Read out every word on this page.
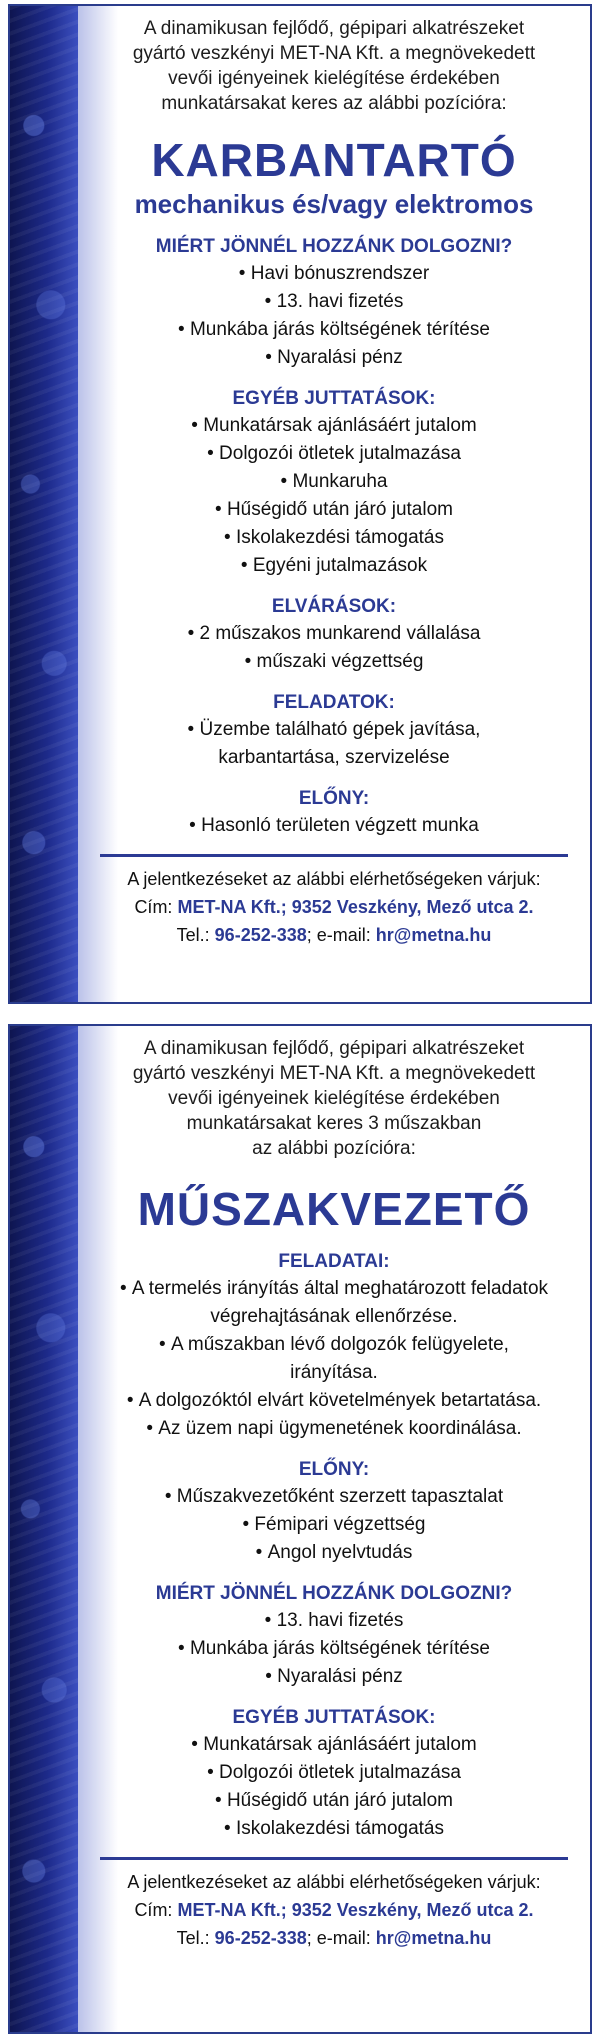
A dinamikusan fejlődő, gépipari alkatrészeket
gyártó veszkényi MET-NA Kft. a megnövekedett
vevői igényeinek kielégítése érdekében
munkatársakat keres az alábbi pozícióra:
KARBANTARTÓ
mechanikus és/vagy elektromos
MIÉRT JÖNNÉL HOZZÁNK DOLGOZNI?
• Havi bónuszrendszer
• 13. havi fizetés
• Munkába járás költségének térítése
• Nyaralási pénz
EGYÉB JUTTATÁSOK:
• Munkatársak ajánlásáért jutalom
• Dolgozói ötletek jutalmazása
• Munkaruha
• Hűségidő után járó jutalom
• Iskolakezdési támogatás
• Egyéni jutalmazások
ELVÁRÁSOK:
• 2 műszakos munkarend vállalása
• műszaki végzettség
FELADATOK:
• Üzembe található gépek javítása,
karbantartása, szervizelése
ELŐNY:
• Hasonló területen végzett munka
A jelentkezéseket az alábbi elérhetőségeken várjuk:
Cím: MET-NA Kft.; 9352 Veszkény, Mező utca 2.
Tel.: 96-252-338; e-mail: hr@metna.hu
A dinamikusan fejlődő, gépipari alkatrészeket
gyártó veszkényi MET-NA Kft. a megnövekedett
vevői igényeinek kielégítése érdekében
munkatársakat keres 3 műszakban
az alábbi pozícióra:
MŰSZAKVEZETŐ
FELADATAI:
• A termelés irányítás által meghatározott feladatok
végrehajtásának ellenőrzése.
• A műszakban lévő dolgozók felügyelete,
irányítása.
• A dolgozóktól elvárt követelmények betartatása.
• Az üzem napi ügymenetének koordinálása.
ELŐNY:
• Műszakvezetőként szerzett tapasztalat
• Fémipari végzettség
• Angol nyelvtudás
MIÉRT JÖNNÉL HOZZÁNK DOLGOZNI?
• 13. havi fizetés
• Munkába járás költségének térítése
• Nyaralási pénz
EGYÉB JUTTATÁSOK:
• Munkatársak ajánlásáért jutalom
• Dolgozói ötletek jutalmazása
• Hűségidő után járó jutalom
• Iskolakezdési támogatás
A jelentkezéseket az alábbi elérhetőségeken várjuk:
Cím: MET-NA Kft.; 9352 Veszkény, Mező utca 2.
Tel.: 96-252-338; e-mail: hr@metna.hu
